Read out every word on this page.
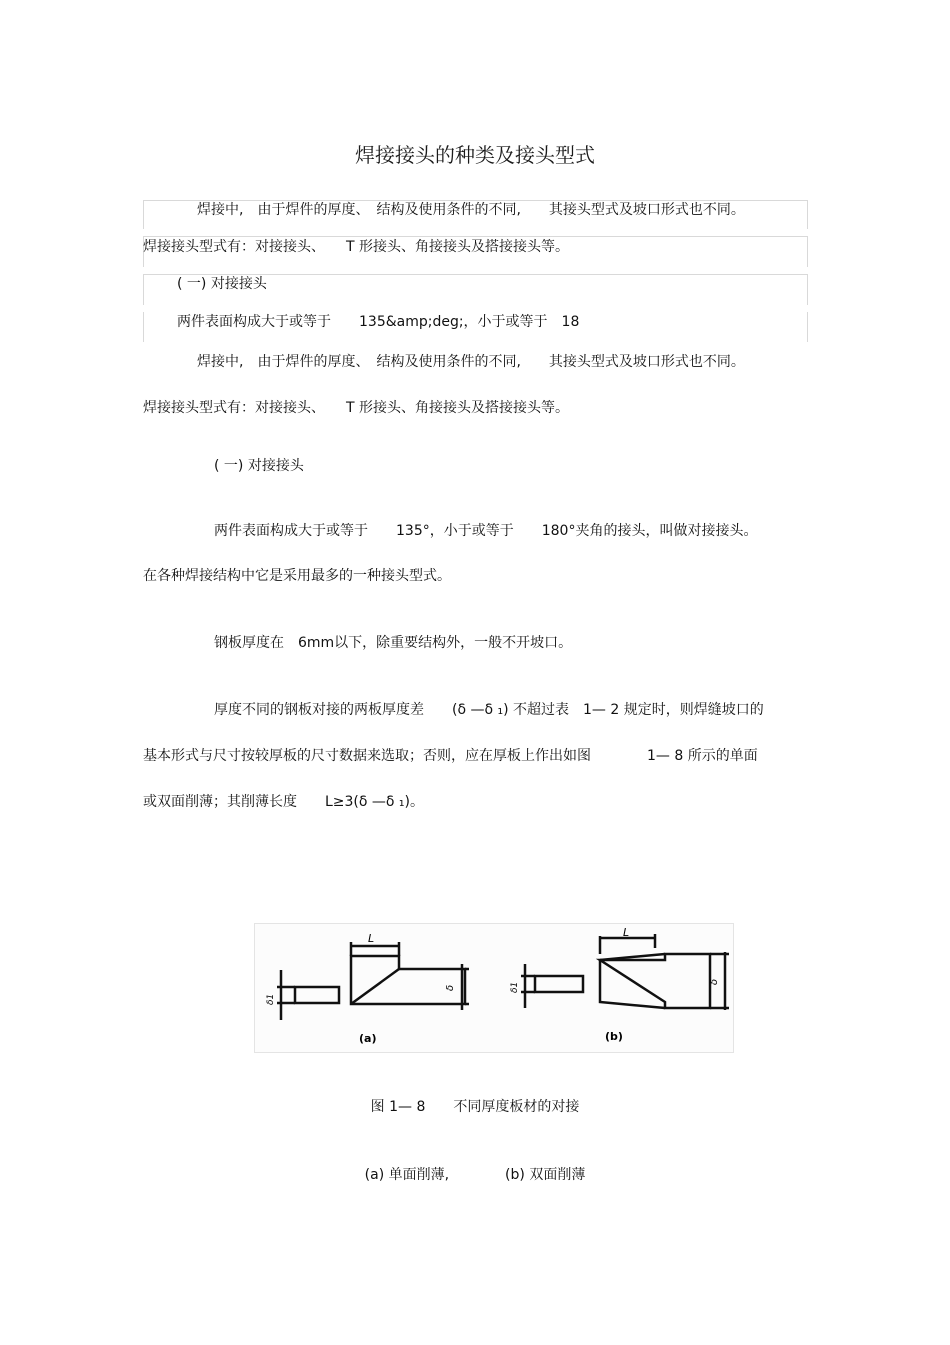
焊接接头的种类及接头型式
焊接中,　由于焊件的厚度、　结构及使用条件的不同,　　其接头型式及坡口形式也不同。
焊接接头型式有：对接接头、　　T 形接头、角接接头及搭接接头等。
( 一) 对接接头
两件表面构成大于或等于　　135&amp;deg;，小于或等于　18
焊接中,　由于焊件的厚度、　结构及使用条件的不同,　　其接头型式及坡口形式也不同。
焊接接头型式有：对接接头、　　T 形接头、角接接头及搭接接头等。
( 一) 对接接头
两件表面构成大于或等于　　135°，小于或等于　　180°夹角的接头，叫做对接接头。
在各种焊接结构中它是采用最多的一种接头型式。
钢板厚度在　6mm以下，除重要结构外，一般不开坡口。
厚度不同的钢板对接的两板厚度差　　(δ —δ ₁) 不超过表　1— 2 规定时，则焊缝坡口的
基本形式与尺寸按较厚板的尺寸数据来选取；否则，应在厚板上作出如图　　　　1— 8 所示的单面
或双面削薄；其削薄长度　　L≥3(δ —δ ₁)。
L	L
δ
δ
δ1
δ1
(a)	(b)
图 1— 8　　不同厚度板材的对接
(a) 单面削薄,　　　　(b) 双面削薄
